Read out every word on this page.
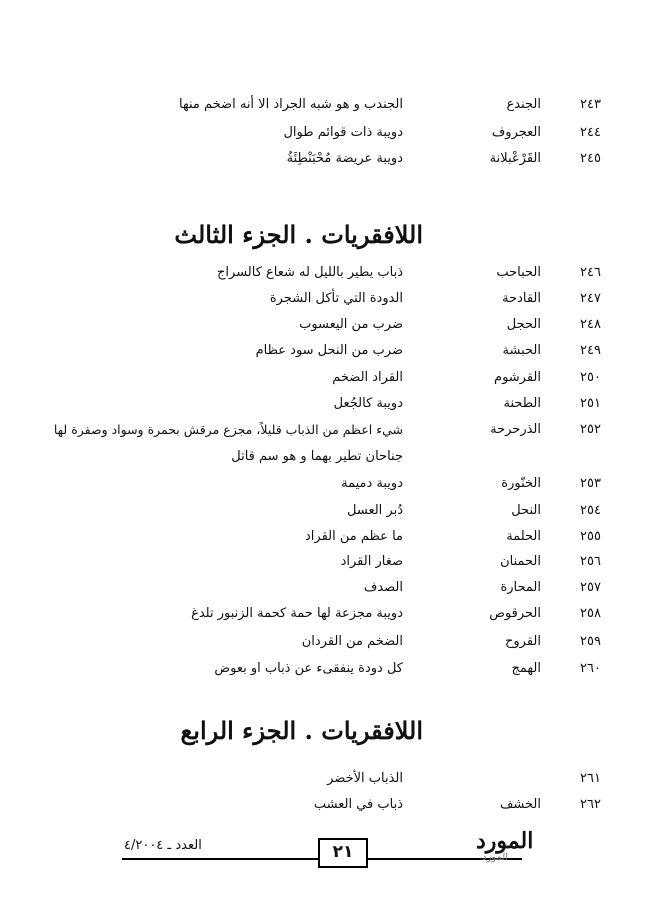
٢٤٣
الجندع
الجندب و هو شبه الجراد الا أنه اضخم منها
٢٤٤
العجروف
دويبة ذات قوائم طوال
٢٤٥
القَرْعْبلانة
دويبة عريضة مُحْبَنْطِئَةُ
اللافقريات . الجزء الثالث
٢٤٦
الحباحب
ذباب يطير بالليل له شعاع كالسراج
٢٤٧
القادحة
الدودة التي تأكل الشجرة
٢٤٨
الحجل
ضرب من اليعسوب
٢٤٩
الحبشة
ضرب من النحل سود عظام
٢٥٠
القرشوم
القراد الضخم
٢٥١
الطحنة
دويبة كالجُعل
٢٥٢
الذرحرحة
شيء اعظم من الذباب قليلاً، مجزع مرقش بحمرة وسواد وصفرة لها
جناحان تطير بهما و هو سم قاتل
٢٥٣
الخنّورة
دويبة دميمة
٢٥٤
النحل
دُبر العسل
٢٥٥
الحلمة
ما عظم من القراد
٢٥٦
الحمنان
صغار القراد
٢٥٧
المحارة
الصدف
٢٥٨
الحرقوص
دويبة مجزعة لها حمة كحمة الزنبور تلدغ
٢٥٩
القروح
الضخم من القردان
٢٦٠
الهمج
كل دودة ينفقىء عن ذباب او بعوض
اللافقريات . الجزء الرابع
٢٦١
الذباب الأخضر
٢٦٢
الخشف
ذباب في العشب
العدد ـ ٤/٢٠٠٤	٢١	المورد
المورد
